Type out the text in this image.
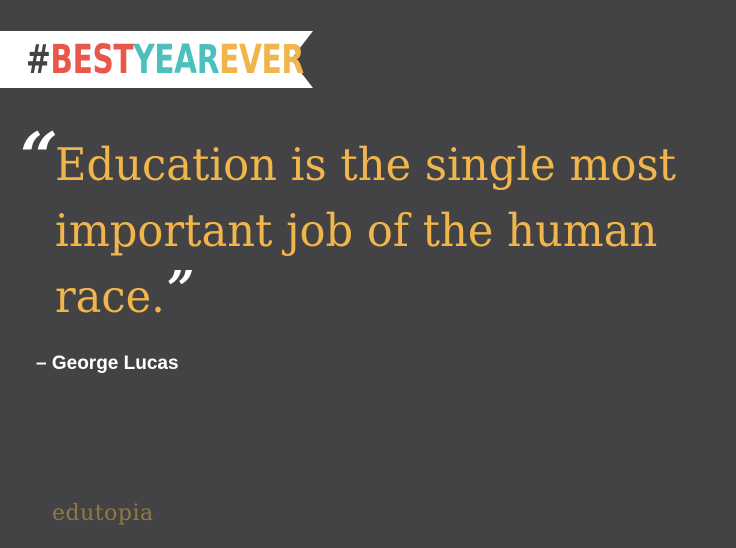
#BESTYEAREVER
“
Education is the single most important job of the human race.”
– George Lucas
edutopia
